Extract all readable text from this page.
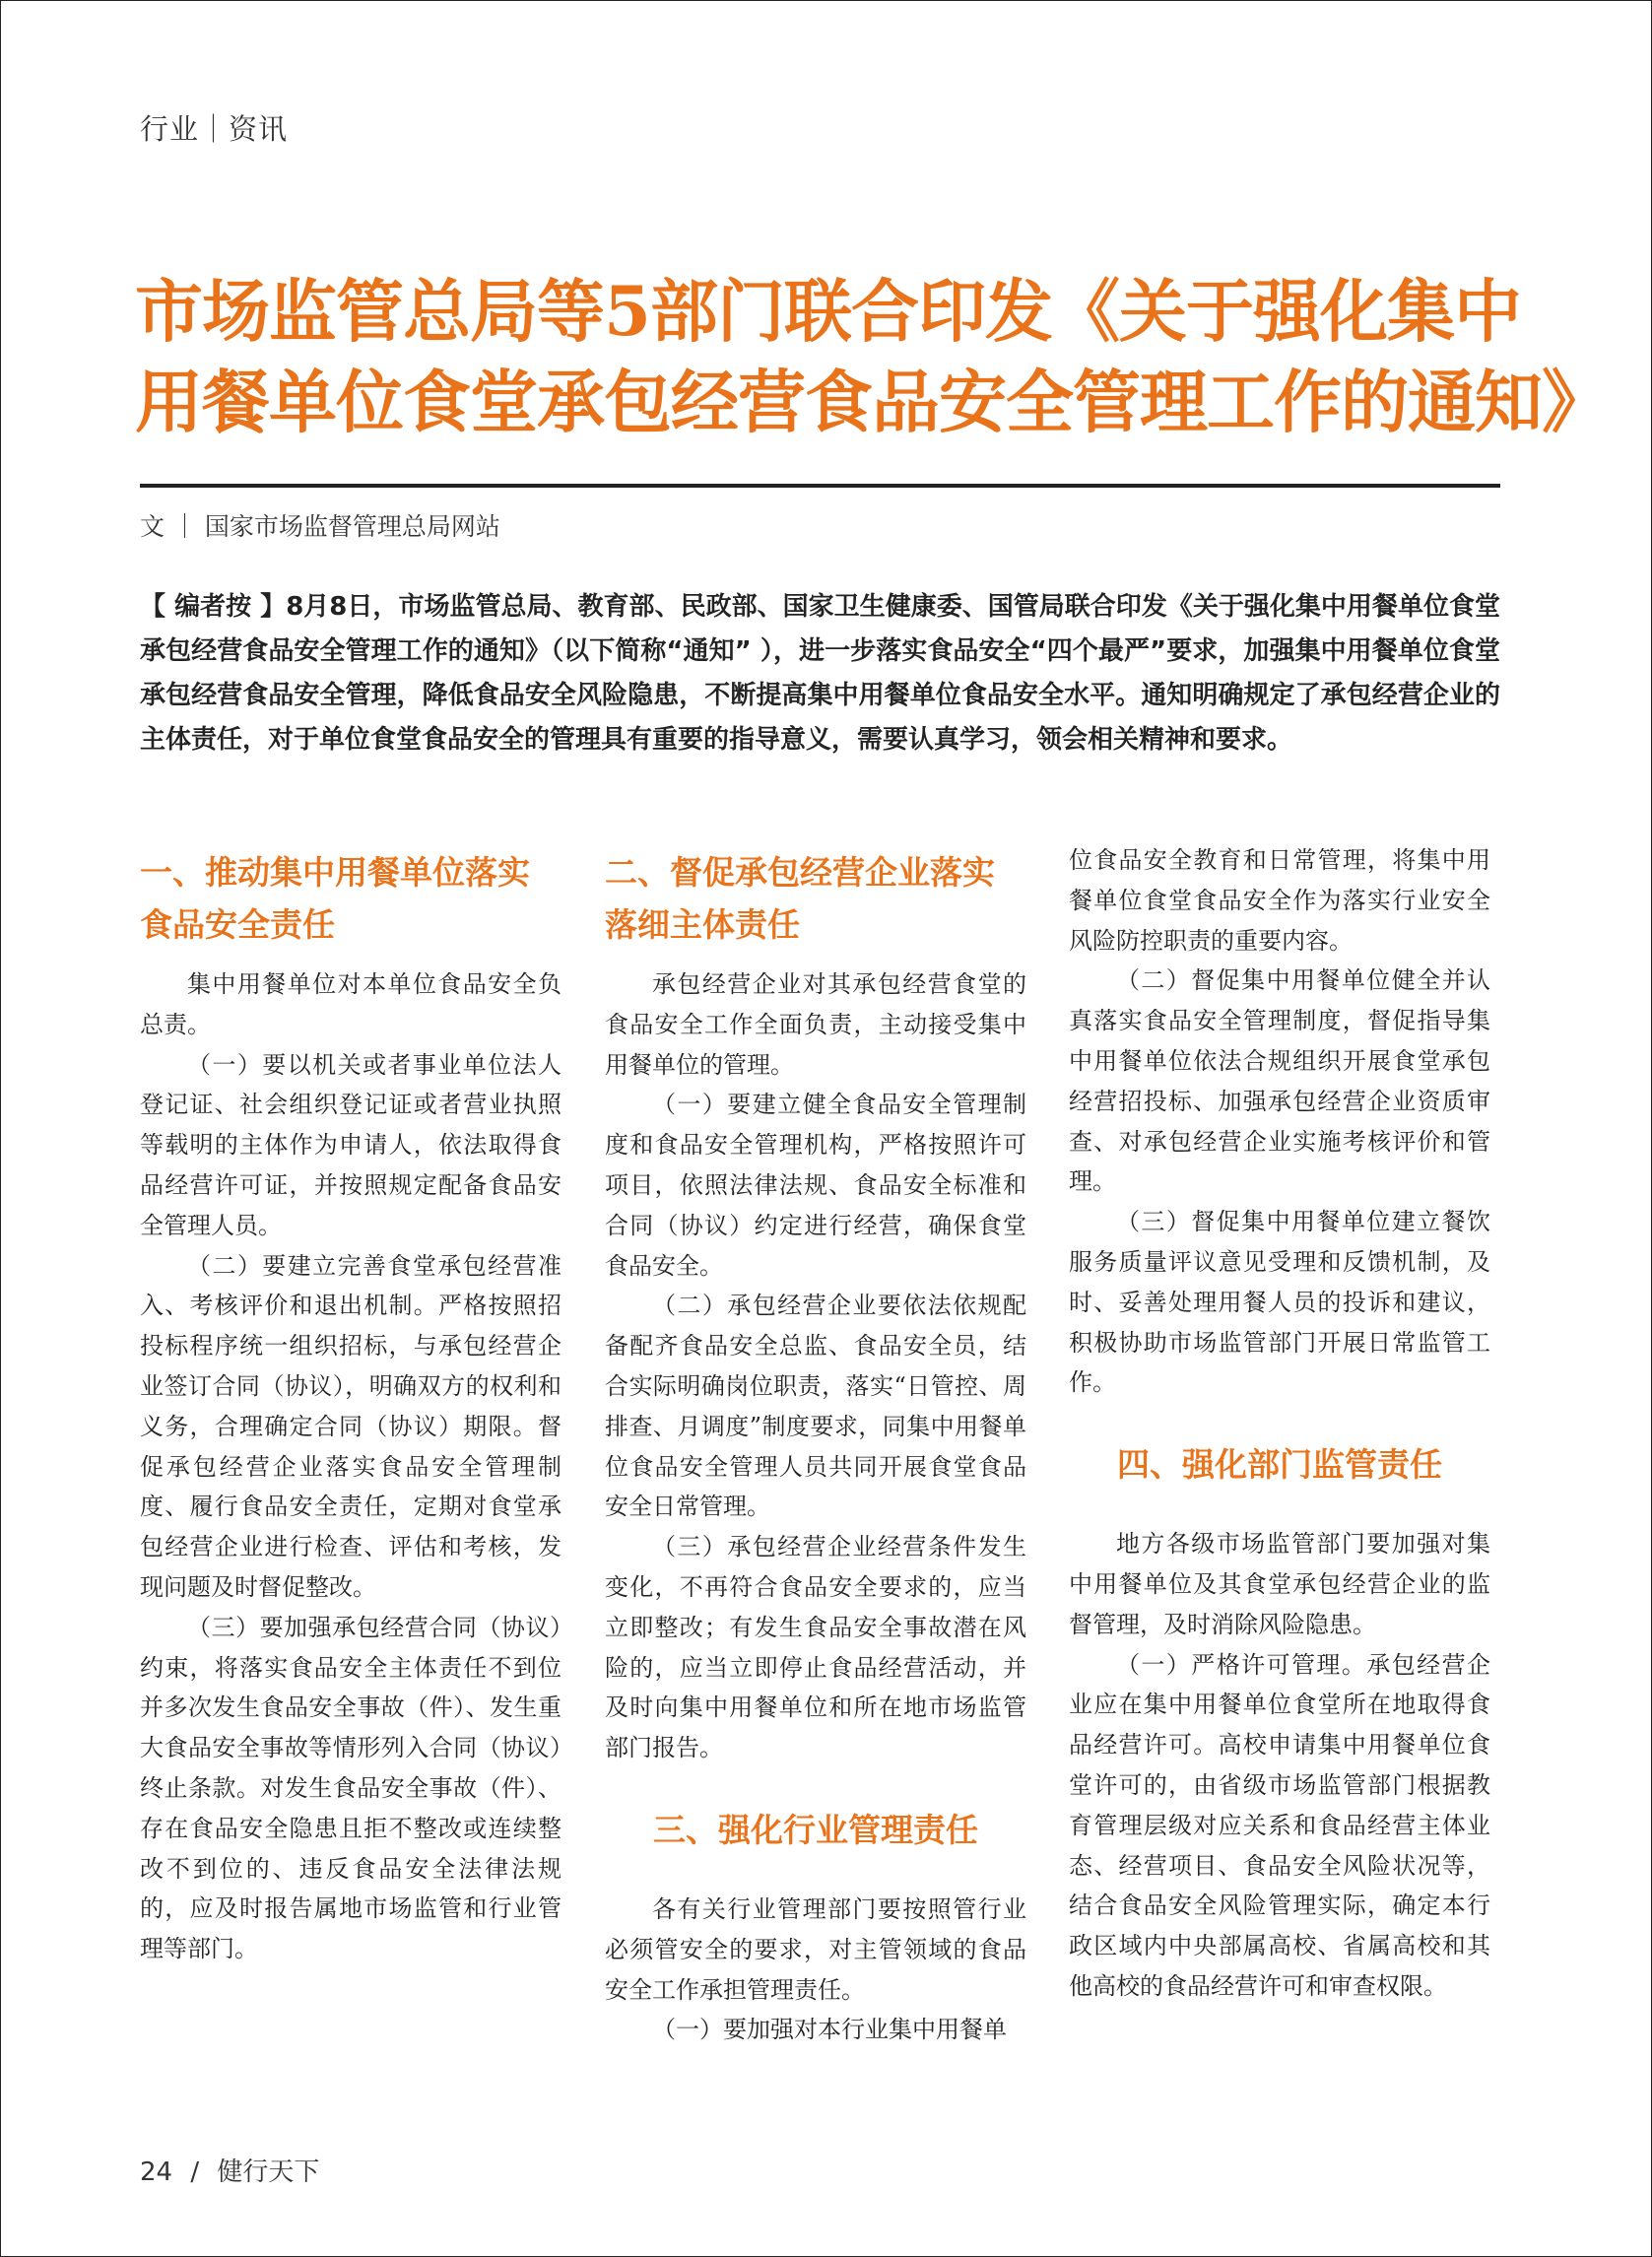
行业｜资讯
市场监管总局等5部门联合印发《关于强化集中
用餐单位食堂承包经营食品安全管理工作的通知》
文 ｜ 国家市场监督管理总局网站
【 编者按 】8月8日，市场监管总局、教育部、民政部、国家卫生健康委、国管局联合印发《关于强化集中用餐单位食堂承包经营食品安全管理工作的通知》（以下简称“通知” ），进一步落实食品安全“四个最严”要求，加强集中用餐单位食堂承包经营食品安全管理，降低食品安全风险隐患，不断提高集中用餐单位食品安全水平。通知明确规定了承包经营企业的主体责任，对于单位食堂食品安全的管理具有重要的指导意义，需要认真学习，领会相关精神和要求。
一、推动集中用餐单位落实食品安全责任

集中用餐单位对本单位食品安全负总责。

（一）要以机关或者事业单位法人登记证、社会组织登记证或者营业执照等载明的主体作为申请人，依法取得食品经营许可证，并按照规定配备食品安全管理人员。

（二）要建立完善食堂承包经营准入、考核评价和退出机制。严格按照招投标程序统一组织招标，与承包经营企业签订合同（协议），明确双方的权利和义务，合理确定合同（协议）期限。督促承包经营企业落实食品安全管理制度、履行食品安全责任，定期对食堂承包经营企业进行检查、评估和考核，发现问题及时督促整改。

（三）要加强承包经营合同（协议）约束，将落实食品安全主体责任不到位并多次发生食品安全事故（件）、发生重大食品安全事故等情形列入合同（协议）终止条款。对发生食品安全事故（件）、存在食品安全隐患且拒不整改或连续整改不到位的、违反食品安全法律法规的，应及时报告属地市场监管和行业管理等部门。

二、督促承包经营企业落实落细主体责任

承包经营企业对其承包经营食堂的食品安全工作全面负责，主动接受集中用餐单位的管理。

（一）要建立健全食品安全管理制度和食品安全管理机构，严格按照许可项目，依照法律法规、食品安全标准和合同（协议）约定进行经营，确保食堂食品安全。

（二）承包经营企业要依法依规配备配齐食品安全总监、食品安全员，结合实际明确岗位职责，落实“日管控、周排查、月调度”制度要求，同集中用餐单位食品安全管理人员共同开展食堂食品安全日常管理。

（三）承包经营企业经营条件发生变化，不再符合食品安全要求的，应当立即整改；有发生食品安全事故潜在风险的，应当立即停止食品经营活动，并及时向集中用餐单位和所在地市场监管部门报告。

三、强化行业管理责任

各有关行业管理部门要按照管行业必须管安全的要求，对主管领域的食品安全工作承担管理责任。

（一）要加强对本行业集中用餐单

位食品安全教育和日常管理，将集中用餐单位食堂食品安全作为落实行业安全风险防控职责的重要内容。

（二）督促集中用餐单位健全并认真落实食品安全管理制度，督促指导集中用餐单位依法合规组织开展食堂承包经营招投标、加强承包经营企业资质审查、对承包经营企业实施考核评价和管理。

（三）督促集中用餐单位建立餐饮服务质量评议意见受理和反馈机制，及时、妥善处理用餐人员的投诉和建议，积极协助市场监管部门开展日常监管工作。

四、强化部门监管责任

地方各级市场监管部门要加强对集中用餐单位及其食堂承包经营企业的监督管理，及时消除风险隐患。

（一）严格许可管理。承包经营企业应在集中用餐单位食堂所在地取得食品经营许可。高校申请集中用餐单位食堂许可的，由省级市场监管部门根据教育管理层级对应关系和食品经营主体业态、经营项目、食品安全风险状况等，结合食品安全风险管理实际，确定本行政区域内中央部属高校、省属高校和其他高校的食品经营许可和审查权限。

24 / 健行天下
